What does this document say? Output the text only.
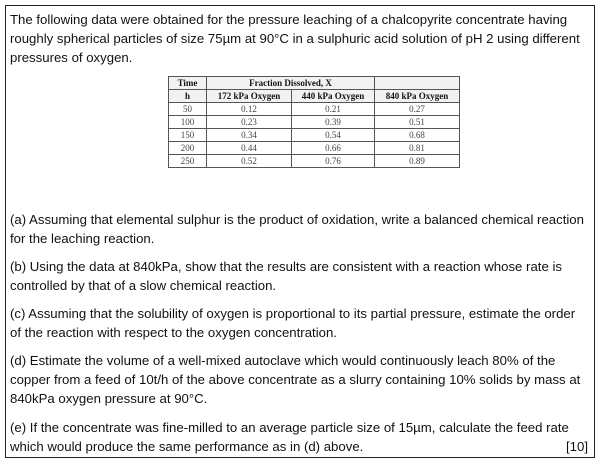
The following data were obtained for the pressure leaching of a chalcopyrite concentrate having roughly spherical particles of size 75µm at 90°C in a sulphuric acid solution of pH 2 using different pressures of oxygen.
Time	Fraction Dissolved, X		
h	172 kPa Oxygen	440 kPa Oxygen	840 kPa Oxygen
50	0.12	0.21	0.27
100	0.23	0.39	0.51
150	0.34	0.54	0.68
200	0.44	0.66	0.81
250	0.52	0.76	0.89
(a) Assuming that elemental sulphur is the product of oxidation, write a balanced chemical reaction for the leaching reaction.
(b) Using the data at 840kPa, show that the results are consistent with a reaction whose rate is controlled by that of a slow chemical reaction.
(c) Assuming that the solubility of oxygen is proportional to its partial pressure, estimate the order of the reaction with respect to the oxygen concentration.
(d) Estimate the volume of a well-mixed autoclave which would continuously leach 80% of the copper from a feed of 10t/h of the above concentrate as a slurry containing 10% solids by mass at 840kPa oxygen pressure at 90°C.
(e) If the concentrate was fine-milled to an average particle size of 15µm, calculate the feed rate which would produce the same performance as in (d) above.	[10]
